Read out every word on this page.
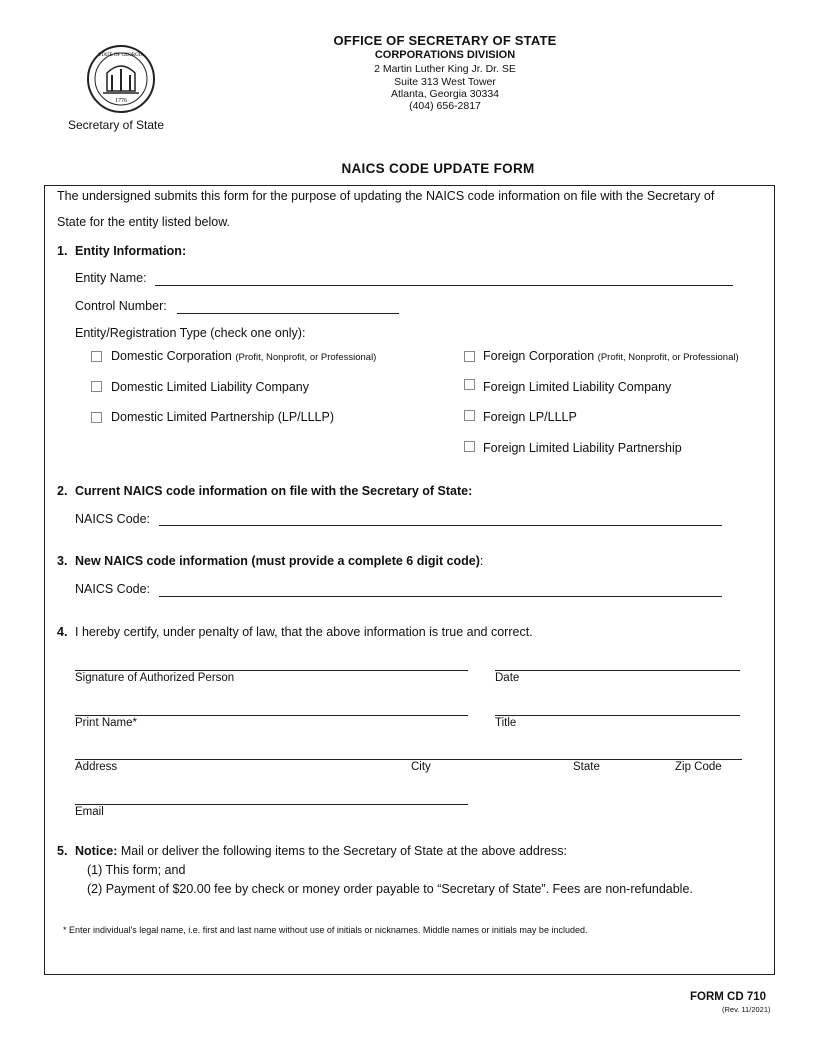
1776
STATE OF GEORGIA
Secretary of State
OFFICE OF SECRETARY OF STATE
CORPORATIONS DIVISION
2 Martin Luther King Jr. Dr. SE
Suite 313 West Tower
Atlanta, Georgia 30334
(404) 656-2817
NAICS CODE UPDATE FORM
The undersigned submits this form for the purpose of updating the NAICS code information on file with the Secretary of
State for the entity listed below.
1. Entity Information:
Entity Name:
Control Number:
Entity/Registration Type (check one only):
Domestic Corporation (Profit, Nonprofit, or Professional)
Domestic Limited Liability Company
Domestic Limited Partnership (LP/LLLP)
Foreign Corporation (Profit, Nonprofit, or Professional)
Foreign Limited Liability Company
Foreign LP/LLLP
Foreign Limited Liability Partnership
2. Current NAICS code information on file with the Secretary of State:
NAICS Code:
3. New NAICS code information (must provide a complete 6 digit code):
NAICS Code:
4. I hereby certify, under penalty of law, that the above information is true and correct.
Signature of Authorized Person	Date
Print Name*	Title
Address	City	State	Zip Code
Email
5. Notice: Mail or deliver the following items to the Secretary of State at the above address:
(1) This form; and
(2) Payment of $20.00 fee by check or money order payable to “Secretary of State”. Fees are non-refundable.
* Enter individual's legal name, i.e. first and last name without use of initials or nicknames. Middle names or initials may be included.
FORM CD 710
(Rev. 11/2021)
